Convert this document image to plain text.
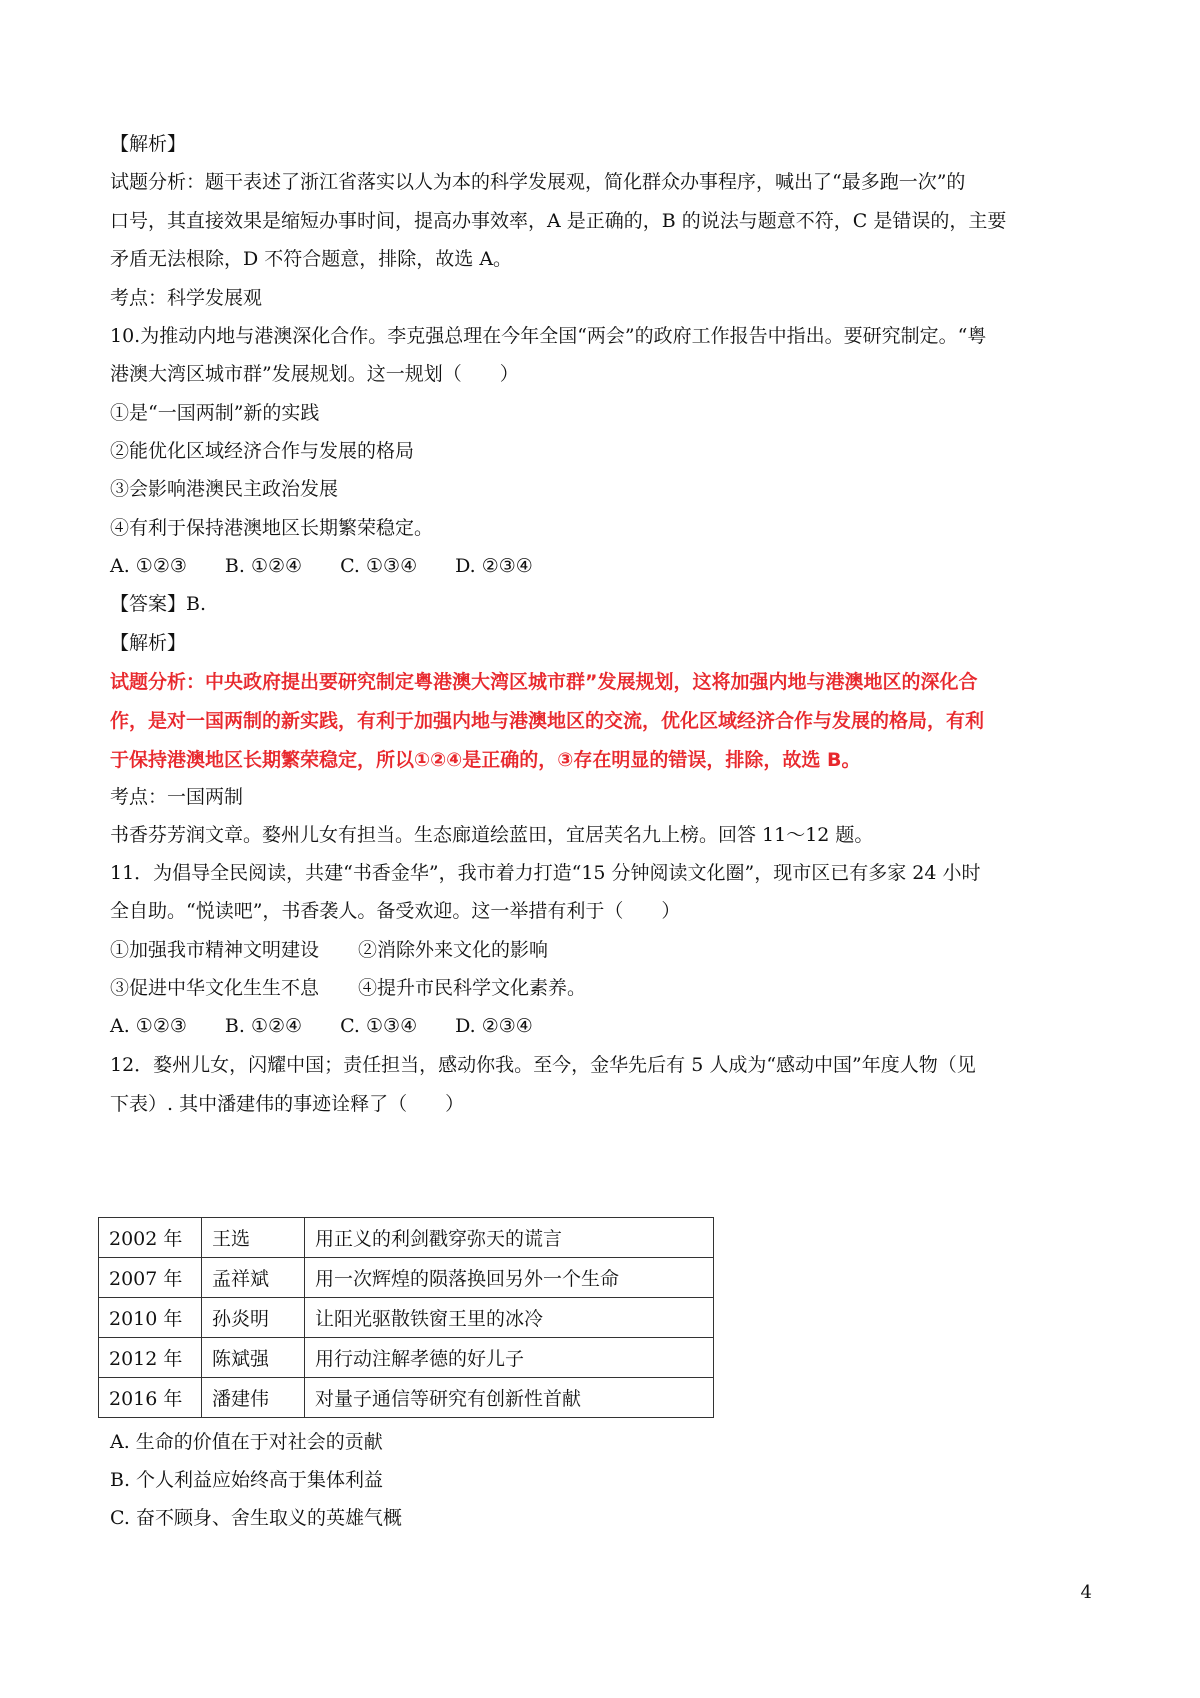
【解析】
试题分析：题干表述了浙江省落实以人为本的科学发展观，简化群众办事程序，喊出了“最多跑一次”的
口号，其直接效果是缩短办事时间，提高办事效率，A 是正确的，B 的说法与题意不符，C 是错误的，主要
矛盾无法根除，D 不符合题意，排除，故选 A。
考点：科学发展观
10.为推动内地与港澳深化合作。李克强总理在今年全国“两会”的政府工作报告中指出。要研究制定。“粤
港澳大湾区城市群”发展规划。这一规划（　　）
①是“一国两制”新的实践
②能优化区域经济合作与发展的格局
③会影响港澳民主政治发展
④有利于保持港澳地区长期繁荣稳定。
A. ①②③ B. ①②④ C. ①③④ D. ②③④
【答案】B.
【解析】
试题分析：中央政府提出要研究制定粤港澳大湾区城市群”发展规划，这将加强内地与港澳地区的深化合
作，是对一国两制的新实践，有利于加强内地与港澳地区的交流，优化区域经济合作与发展的格局，有利
于保持港澳地区长期繁荣稳定，所以①②④是正确的，③存在明显的错误，排除，故选 B。
考点：一国两制
书香芬芳润文章。婺州儿女有担当。生态廊道绘蓝田，宜居芙名九上榜。回答 11～12 题。
11．为倡导全民阅读，共建“书香金华”，我市着力打造“15 分钟阅读文化圈”，现市区已有多家 24 小时
全自助。“悦读吧”，书香袭人。备受欢迎。这一举措有利于（　　）
①加强我市精神文明建设 ②消除外来文化的影响
③促进中华文化生生不息 ④提升市民科学文化素养。
A. ①②③ B. ①②④ C. ①③④ D. ②③④
12．婺州儿女，闪耀中国；责任担当，感动你我。至今，金华先后有 5 人成为“感动中国”年度人物（见
下表）. 其中潘建伟的事迹诠释了（　　）
2002 年	王选	用正义的利剑戳穿弥天的谎言
2007 年	孟祥斌	用一次辉煌的陨落换回另外一个生命
2010 年	孙炎明	让阳光驱散铁窗王里的冰冷
2012 年	陈斌强	用行动注解孝德的好儿子
2016 年	潘建伟	对量子通信等研究有创新性首献
A. 生命的价值在于对社会的贡献
B. 个人利益应始终高于集体利益
C. 奋不顾身、舍生取义的英雄气概
4
